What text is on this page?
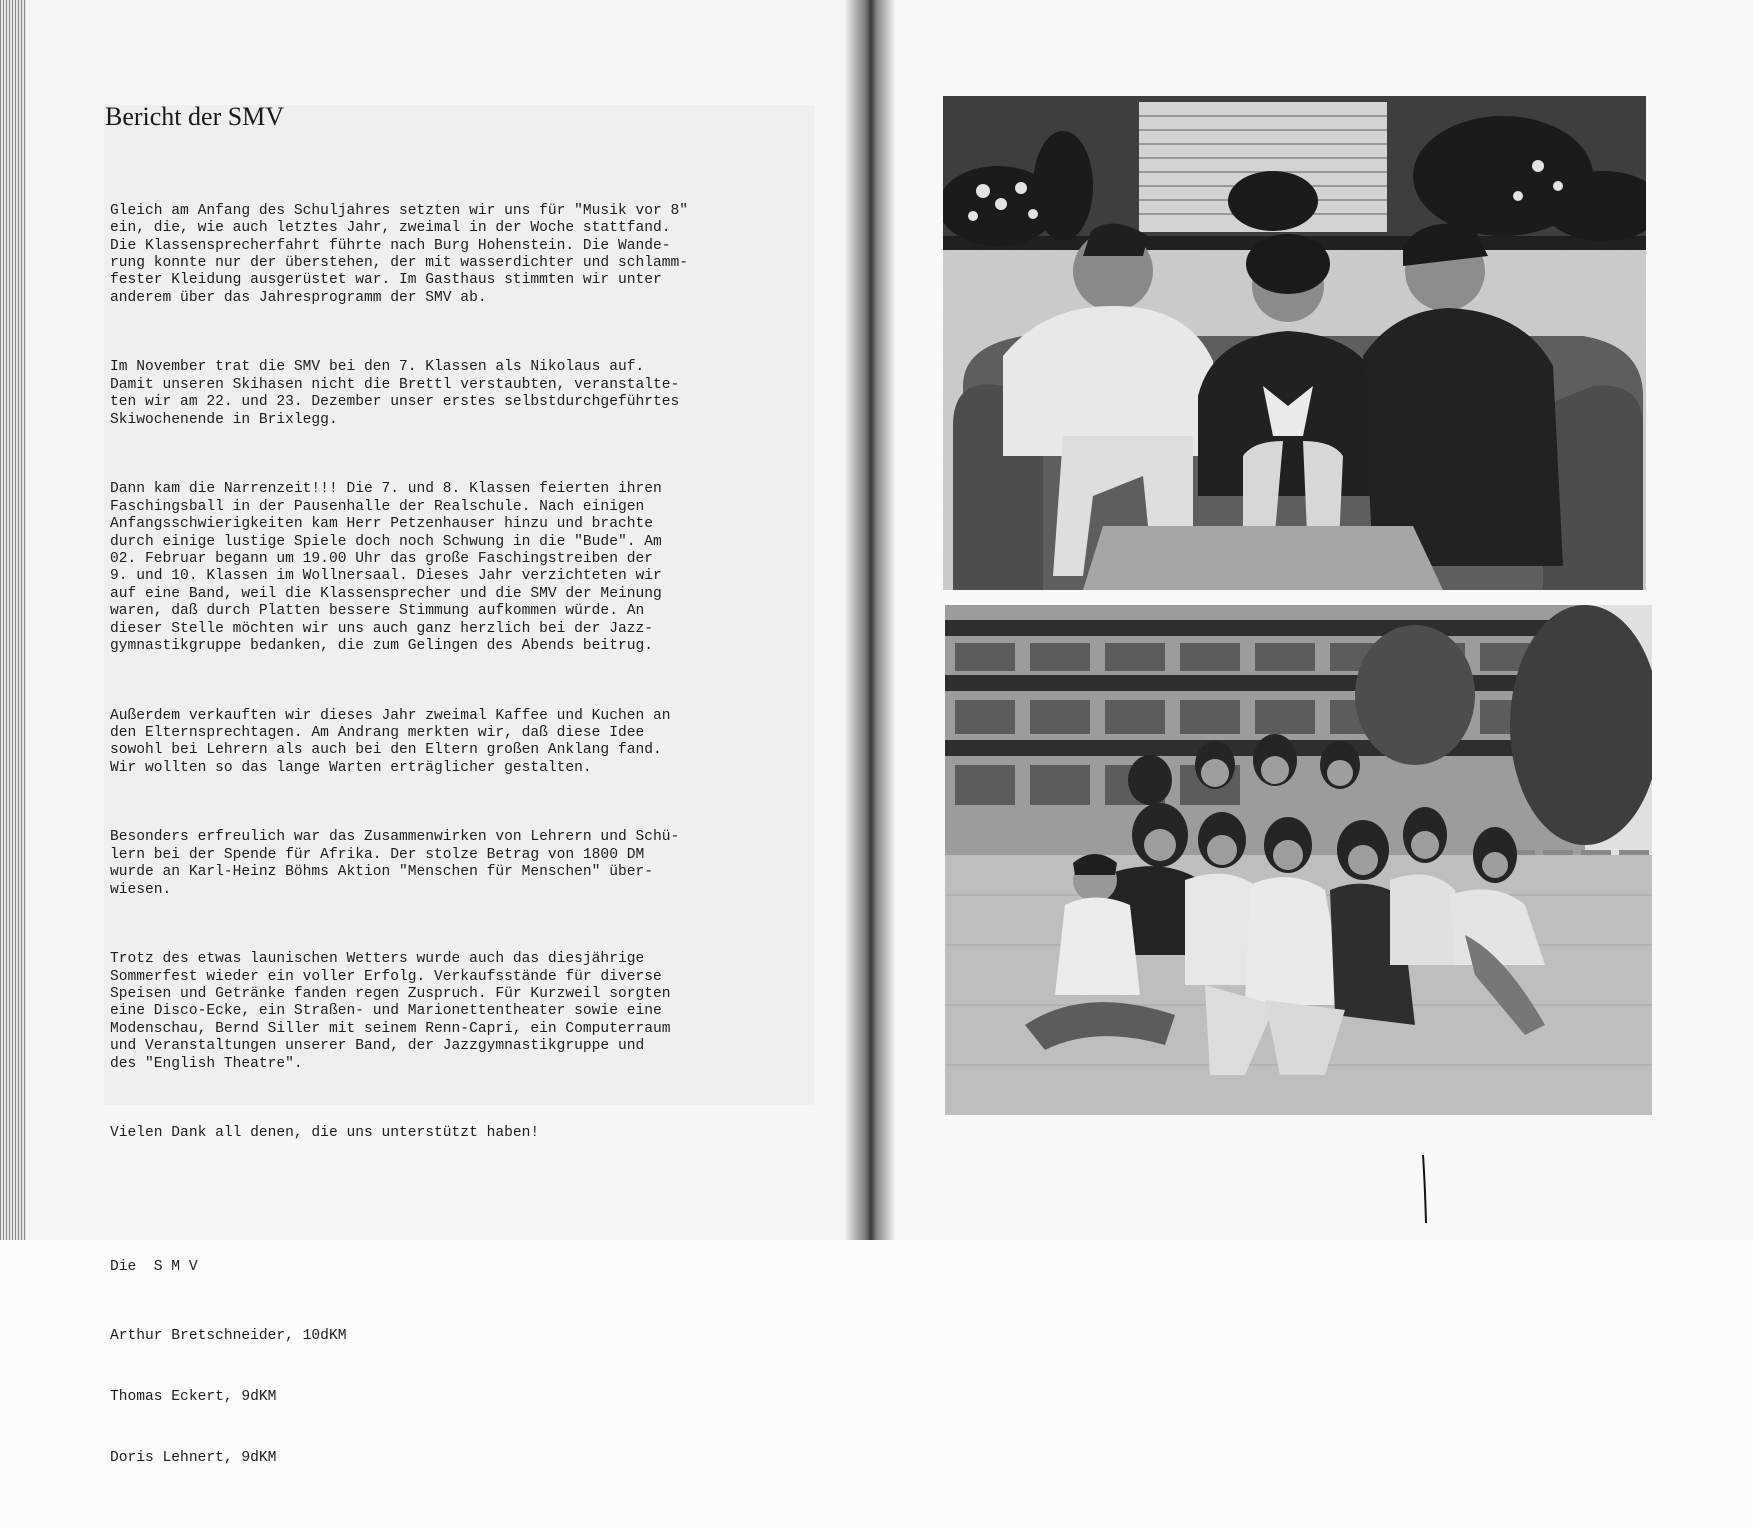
Bericht der SMV

Gleich am Anfang des Schuljahres setzten wir uns für "Musik vor 8"
ein, die, wie auch letztes Jahr, zweimal in der Woche stattfand.
Die Klassensprecherfahrt führte nach Burg Hohenstein. Die Wande-
rung konnte nur der überstehen, der mit wasserdichter und schlamm-
fester Kleidung ausgerüstet war. Im Gasthaus stimmten wir unter
anderem über das Jahresprogramm der SMV ab.

Im November trat die SMV bei den 7. Klassen als Nikolaus auf.
Damit unseren Skihasen nicht die Brettl verstaubten, veranstalte-
ten wir am 22. und 23. Dezember unser erstes selbstdurchgeführtes
Skiwochenende in Brixlegg.

Dann kam die Narrenzeit!!! Die 7. und 8. Klassen feierten ihren
Faschingsball in der Pausenhalle der Realschule. Nach einigen
Anfangsschwierigkeiten kam Herr Petzenhauser hinzu und brachte
durch einige lustige Spiele doch noch Schwung in die "Bude". Am
02. Februar begann um 19.00 Uhr das große Faschingstreiben der
9. und 10. Klassen im Wollnersaal. Dieses Jahr verzichteten wir
auf eine Band, weil die Klassensprecher und die SMV der Meinung
waren, daß durch Platten bessere Stimmung aufkommen würde. An
dieser Stelle möchten wir uns auch ganz herzlich bei der Jazz-
gymnastikgruppe bedanken, die zum Gelingen des Abends beitrug.

Außerdem verkauften wir dieses Jahr zweimal Kaffee und Kuchen an
den Elternsprechtagen. Am Andrang merkten wir, daß diese Idee
sowohl bei Lehrern als auch bei den Eltern großen Anklang fand.
Wir wollten so das lange Warten erträglicher gestalten.

Besonders erfreulich war das Zusammenwirken von Lehrern und Schü-
lern bei der Spende für Afrika. Der stolze Betrag von 1800 DM
wurde an Karl-Heinz Böhms Aktion "Menschen für Menschen" über-
wiesen.

Trotz des etwas launischen Wetters wurde auch das diesjährige
Sommerfest wieder ein voller Erfolg. Verkaufsstände für diverse
Speisen und Getränke fanden regen Zuspruch. Für Kurzweil sorgten
eine Disco-Ecke, ein Straßen- und Marionettentheater sowie eine
Modenschau, Bernd Siller mit seinem Renn-Capri, ein Computerraum
und Veranstaltungen unserer Band, der Jazzgymnastikgruppe und
des "English Theatre".

Vielen Dank all denen, die uns unterstützt haben!

Die  S M V

Arthur Bretschneider, 10dKM

Thomas Eckert, 9dKM

Doris Lehnert, 9dKM
